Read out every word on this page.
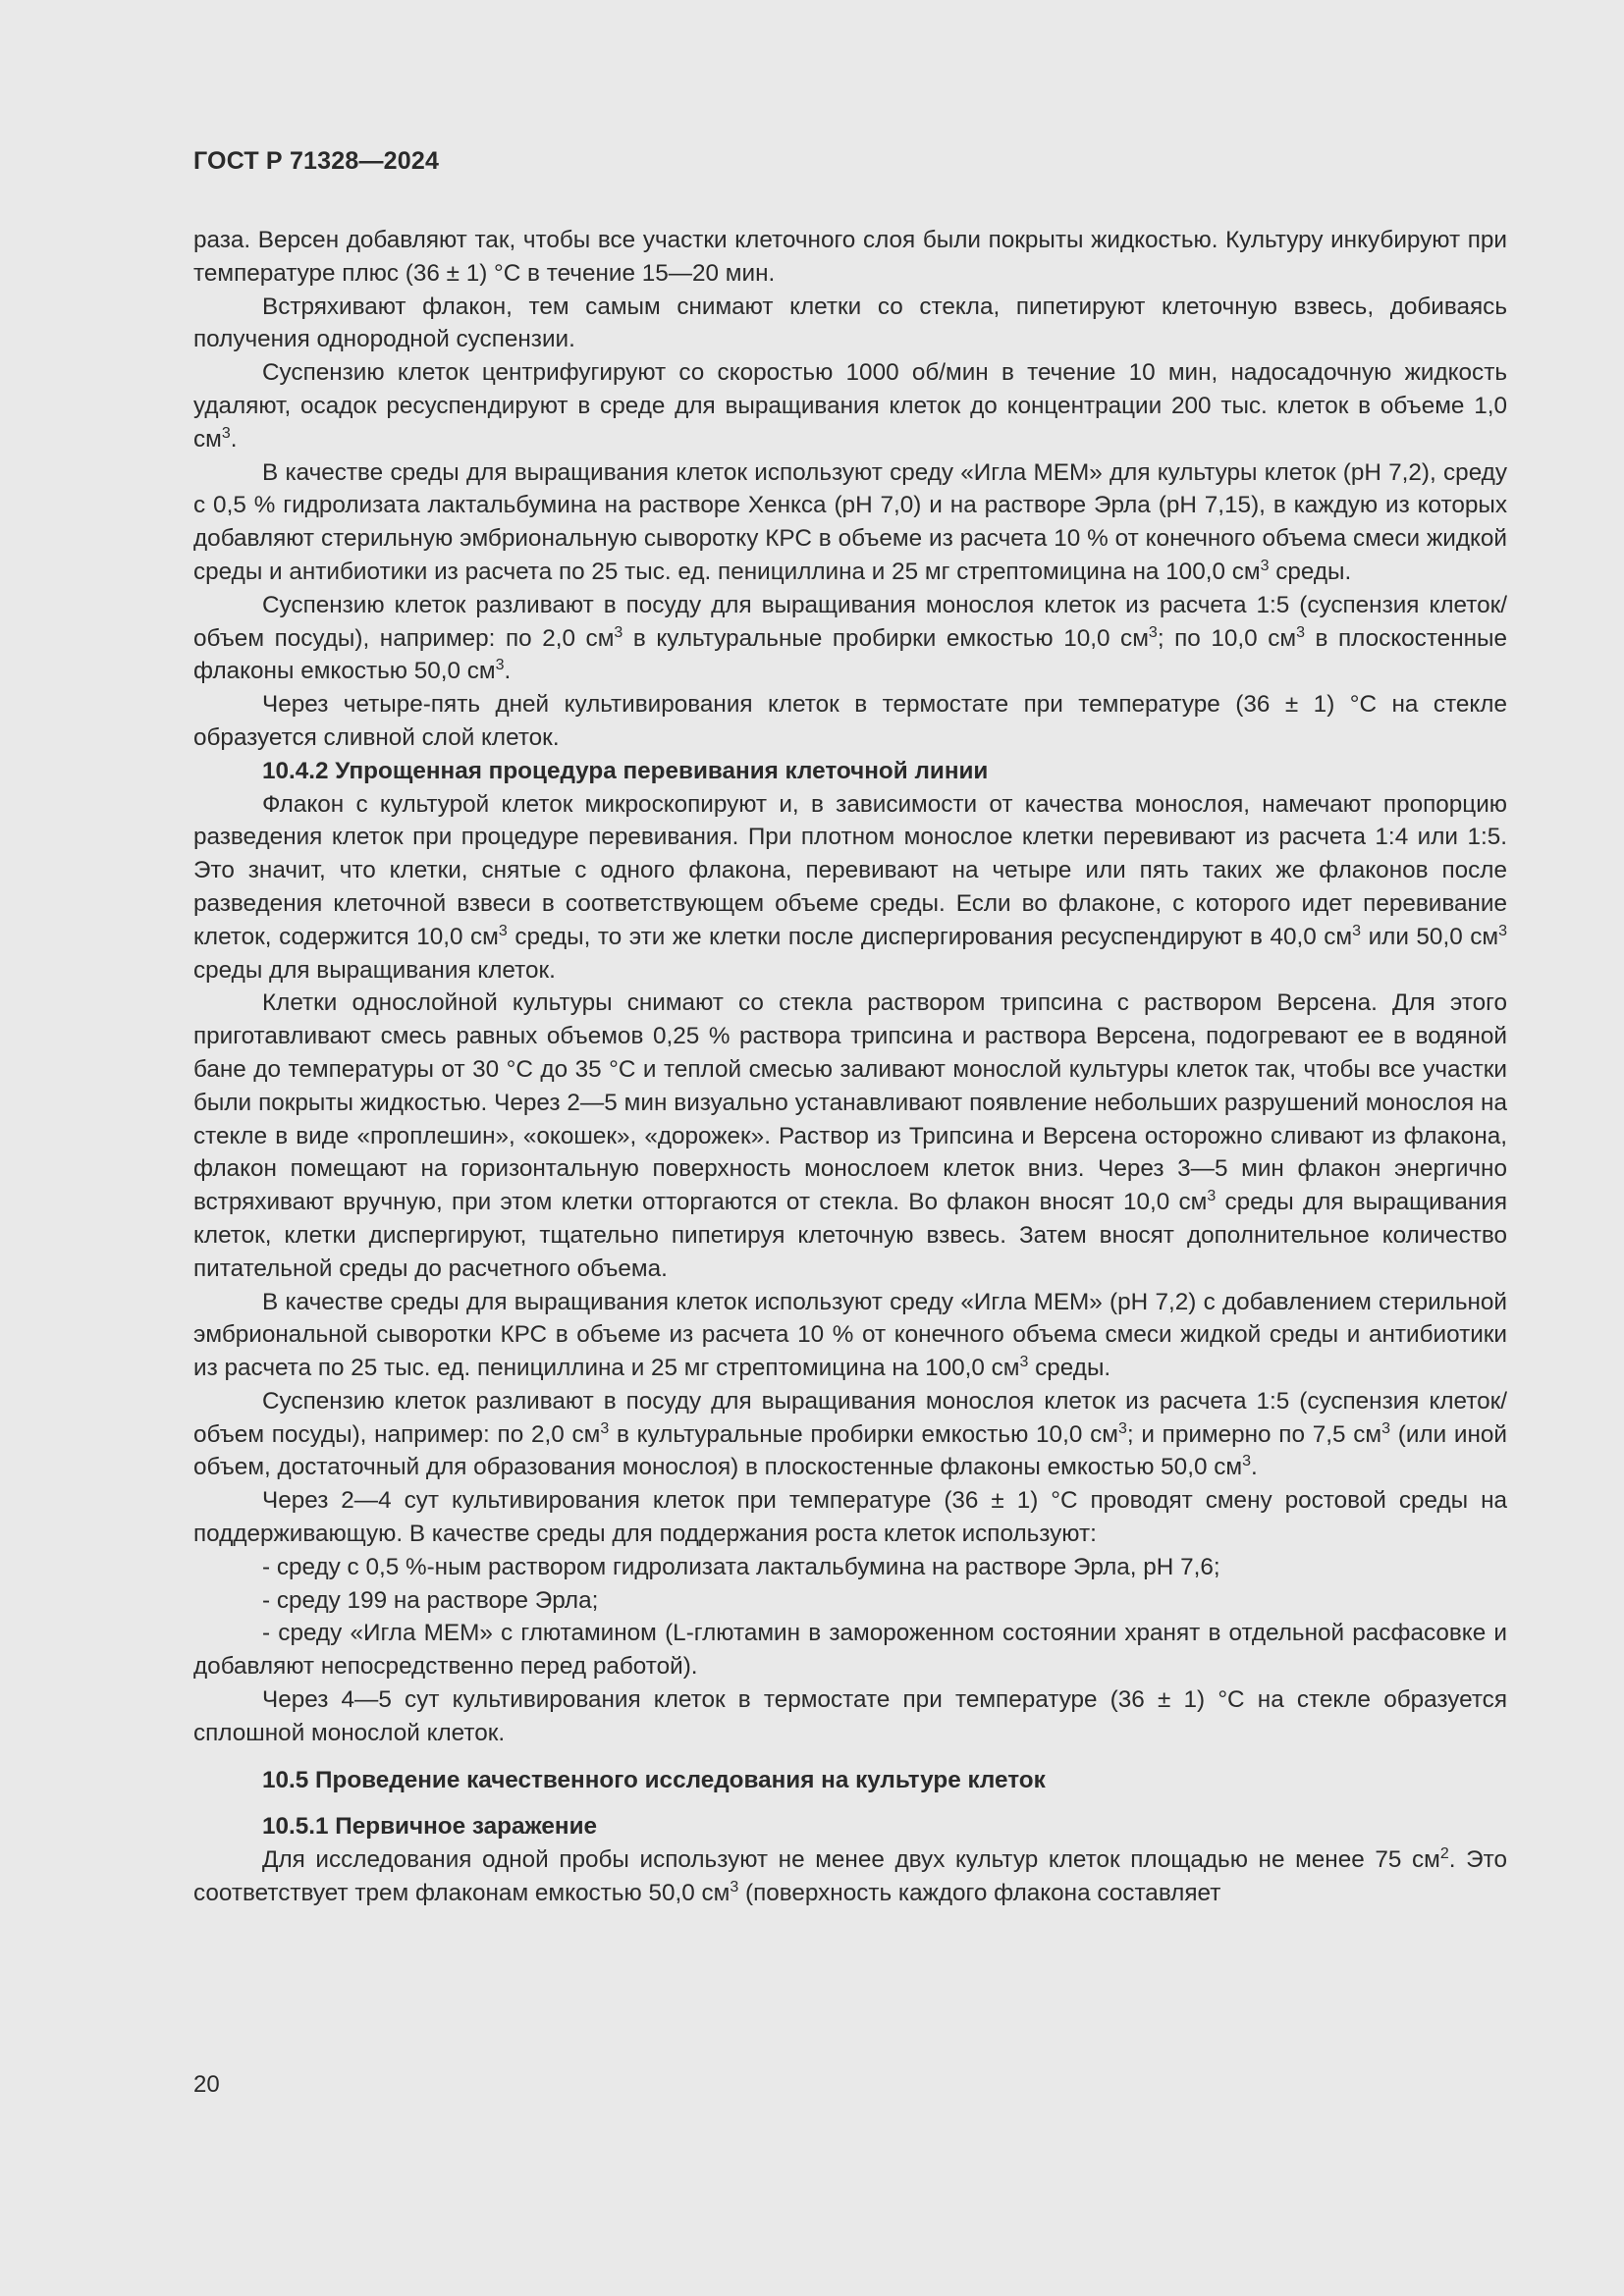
ГОСТ Р 71328—2024

раза. Версен добавляют так, чтобы все участки клеточного слоя были покрыты жидкостью. Культуру инкубируют при температуре плюс (36 ± 1) °С в течение 15—20 мин.

Встряхивают флакон, тем самым снимают клетки со стекла, пипетируют клеточную взвесь, добиваясь получения однородной суспензии.

Суспензию клеток центрифугируют со скоростью 1000 об/мин в течение 10 мин, надосадочную жидкость удаляют, осадок ресуспендируют в среде для выращивания клеток до концентрации 200 тыс. клеток в объеме 1,0 $см^3$.

В качестве среды для выращивания клеток используют среду «Игла МЕМ» для культуры клеток (рН 7,2), среду с 0,5 % гидролизата лактальбумина на растворе Хенкса (рН 7,0) и на растворе Эрла (рН 7,15), в каждую из которых добавляют стерильную эмбриональную сыворотку КРС в объеме из расчета 10 % от конечного объема смеси жидкой среды и антибиотики из расчета по 25 тыс. ед. пенициллина и 25 мг стрептомицина на 100,0 $см^3$ среды.

Суспензию клеток разливают в посуду для выращивания монослоя клеток из расчета 1:5 (суспензия клеток/объем посуды), например: по 2,0 $см^3$ в культуральные пробирки емкостью 10,0 $см^3$; по 10,0 $см^3$ в плоскостенные флаконы емкостью 50,0 $см^3$.

Через четыре-пять дней культивирования клеток в термостате при температуре (36 ± 1) °С на стекле образуется сливной слой клеток.

10.4.2 Упрощенная процедура перевивания клеточной линии

Флакон с культурой клеток микроскопируют и, в зависимости от качества монослоя, намечают пропорцию разведения клеток при процедуре перевивания. При плотном монослое клетки перевивают из расчета 1:4 или 1:5. Это значит, что клетки, снятые с одного флакона, перевивают на четыре или пять таких же флаконов после разведения клеточной взвеси в соответствующем объеме среды. Если во флаконе, с которого идет перевивание клеток, содержится 10,0 $см^3$ среды, то эти же клетки после диспергирования ресуспендируют в 40,0 $см^3$ или 50,0 $см^3$ среды для выращивания клеток.

Клетки однослойной культуры снимают со стекла раствором трипсина с раствором Версена. Для этого приготавливают смесь равных объемов 0,25 % раствора трипсина и раствора Версена, подогревают ее в водяной бане до температуры от 30 °С до 35 °С и теплой смесью заливают монослой культуры клеток так, чтобы все участки были покрыты жидкостью. Через 2—5 мин визуально устанавливают появление небольших разрушений монослоя на стекле в виде «проплешин», «окошек», «дорожек». Раствор из Трипсина и Версена осторожно сливают из флакона, флакон помещают на горизонтальную поверхность монослоем клеток вниз. Через 3—5 мин флакон энергично встряхивают вручную, при этом клетки отторгаются от стекла. Во флакон вносят 10,0 $см^3$ среды для выращивания клеток, клетки диспергируют, тщательно пипетируя клеточную взвесь. Затем вносят дополнительное количество питательной среды до расчетного объема.

В качестве среды для выращивания клеток используют среду «Игла МЕМ» (рН 7,2) с добавлением стерильной эмбриональной сыворотки КРС в объеме из расчета 10 % от конечного объема смеси жидкой среды и антибиотики из расчета по 25 тыс. ед. пенициллина и 25 мг стрептомицина на 100,0 $см^3$ среды.

Суспензию клеток разливают в посуду для выращивания монослоя клеток из расчета 1:5 (суспензия клеток/объем посуды), например: по 2,0 $см^3$ в культуральные пробирки емкостью 10,0 $см^3$; и примерно по 7,5 $см^3$ (или иной объем, достаточный для образования монослоя) в плоскостенные флаконы емкостью 50,0 $см^3$.

Через 2—4 сут культивирования клеток при температуре (36 ± 1) °С проводят смену ростовой среды на поддерживающую. В качестве среды для поддержания роста клеток используют:

- среду с 0,5 %-ным раствором гидролизата лактальбумина на растворе Эрла, рН 7,6;

- среду 199 на растворе Эрла;

- среду «Игла МЕМ» с глютамином (L-глютамин в замороженном состоянии хранят в отдельной расфасовке и добавляют непосредственно перед работой).

Через 4—5 сут культивирования клеток в термостате при температуре (36 ± 1) °С на стекле образуется сплошной монослой клеток.

10.5 Проведение качественного исследования на культуре клеток

10.5.1 Первичное заражение

Для исследования одной пробы используют не менее двух культур клеток площадью не менее 75 $см^2$. Это соответствует трем флаконам емкостью 50,0 $см^3$ (поверхность каждого флакона составляет

20
